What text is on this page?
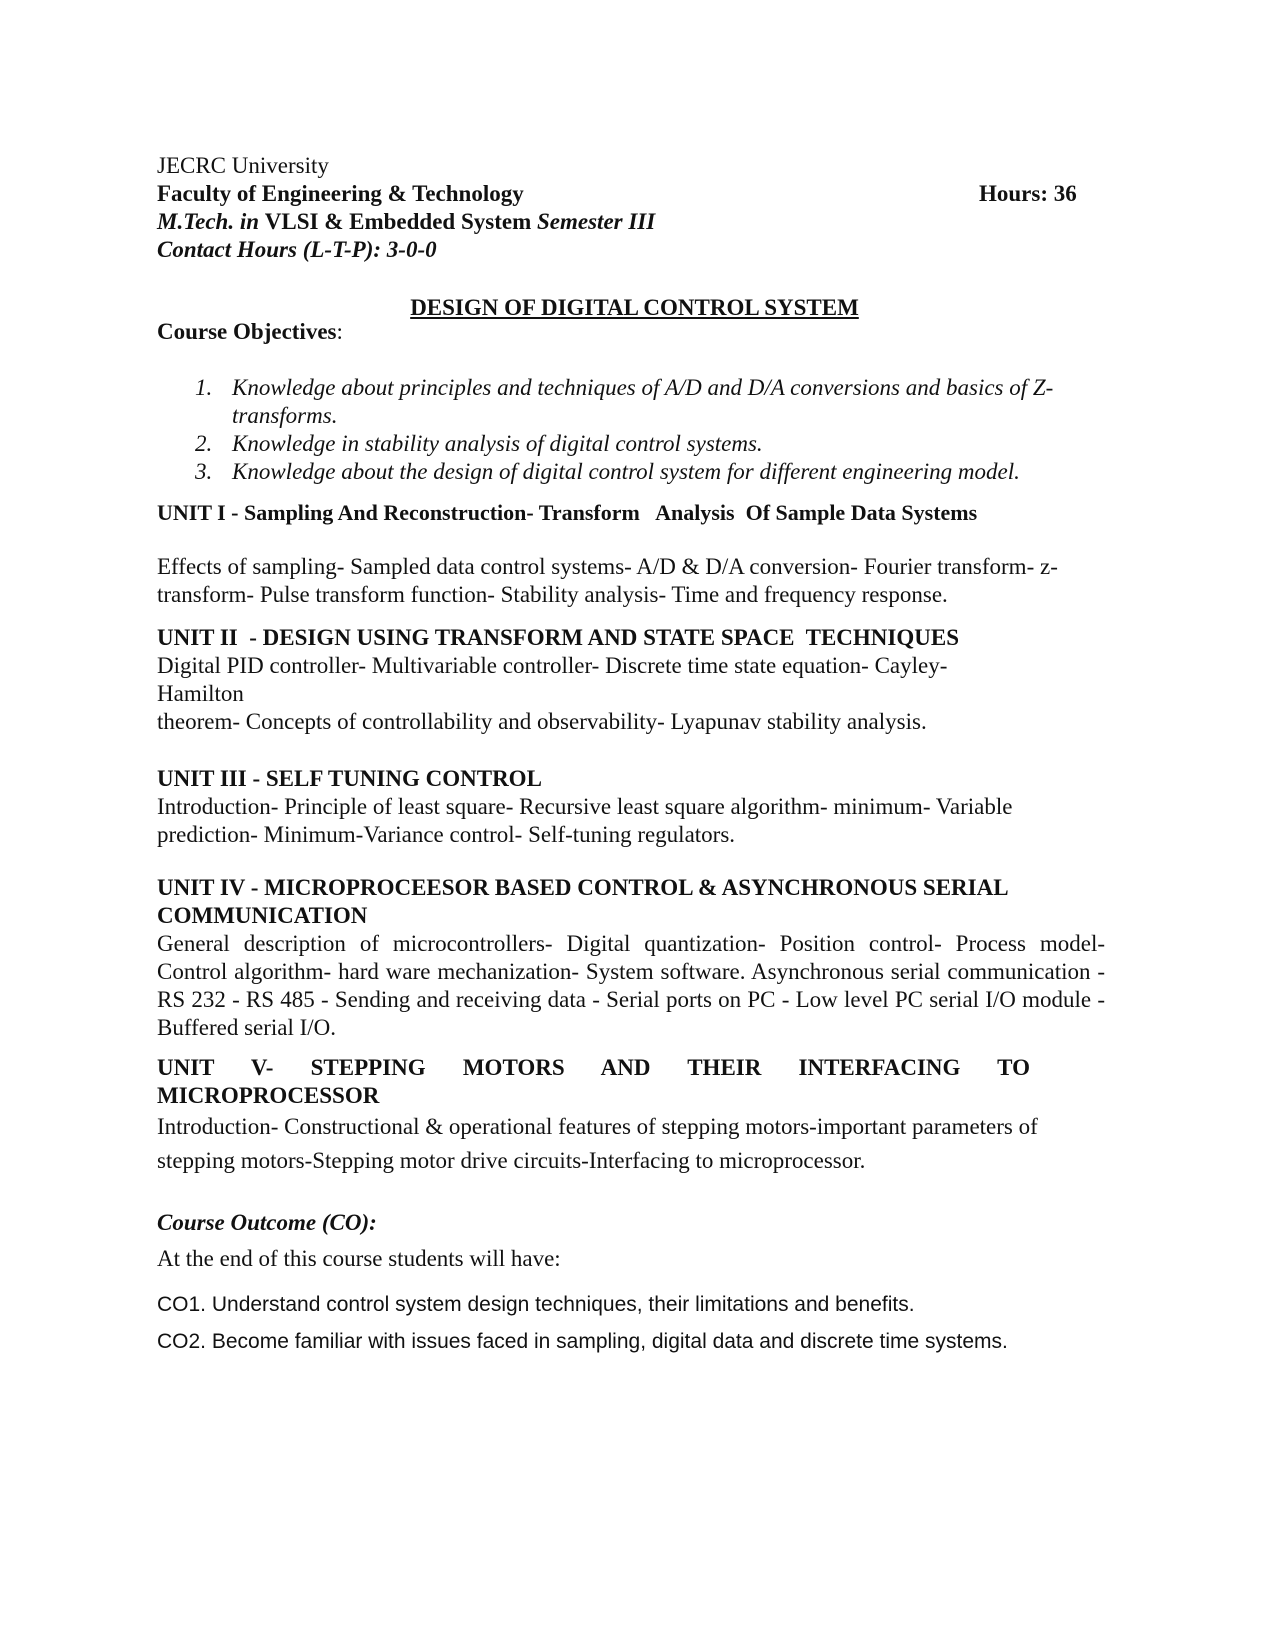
JECRC University
Faculty of Engineering & Technology	Hours: 36
M.Tech. in VLSI & Embedded System Semester III
Contact Hours (L-T-P): 3-0-0
DESIGN OF DIGITAL CONTROL SYSTEM
Course Objectives:
1. Knowledge about principles and techniques of A/D and D/A conversions and basics of Z-transforms.
2. Knowledge in stability analysis of digital control systems.
3. Knowledge about the design of digital control system for different engineering model.
UNIT I - Sampling And Reconstruction- Transform   Analysis  Of Sample Data Systems
Effects of sampling- Sampled data control systems- A/D & D/A conversion- Fourier transform- z-transform- Pulse transform function- Stability analysis- Time and frequency response.
UNIT II  - DESIGN USING TRANSFORM AND STATE SPACE  TECHNIQUES
Digital PID controller- Multivariable controller- Discrete time state equation- Cayley-Hamilton
theorem- Concepts of controllability and observability- Lyapunav stability analysis.
UNIT III - SELF TUNING CONTROL
Introduction- Principle of least square- Recursive least square algorithm- minimum- Variable prediction- Minimum-Variance control- Self-tuning regulators.
UNIT IV - MICROPROCEESOR BASED CONTROL & ASYNCHRONOUS SERIAL COMMUNICATION
General description of microcontrollers- Digital quantization- Position control- Process model- Control algorithm- hard ware mechanization- System software. Asynchronous serial communication - RS 232 - RS 485 - Sending and receiving data - Serial ports on PC - Low level PC serial I/O module - Buffered serial I/O.
UNIT V- STEPPING MOTORS AND THEIR INTERFACING TO
MICROPROCESSOR
Introduction- Constructional & operational features of stepping motors-important parameters of stepping motors-Stepping motor drive circuits-Interfacing to microprocessor.
Course Outcome (CO):
At the end of this course students will have:
CO1. Understand control system design techniques, their limitations and benefits.
CO2. Become familiar with issues faced in sampling, digital data and discrete time systems.
